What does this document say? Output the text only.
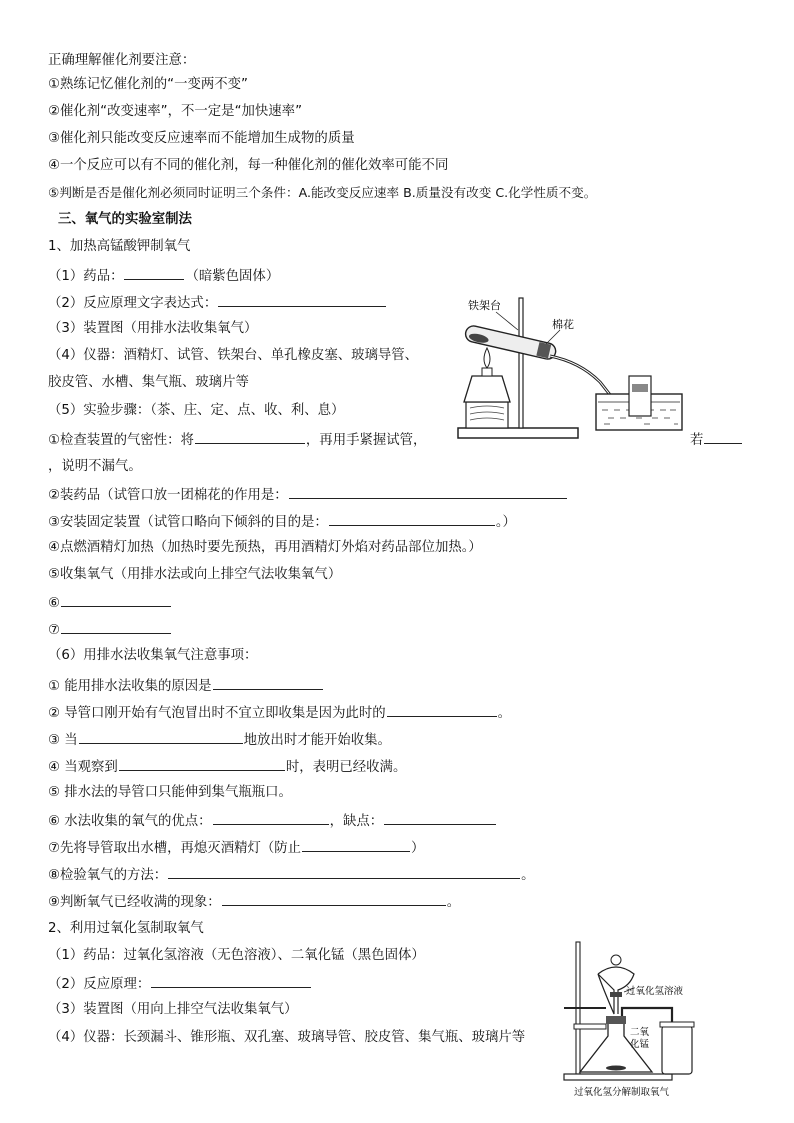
正确理解催化剂要注意：
①熟练记忆催化剂的“一变两不变”
②催化剂“改变速率”，不一定是“加快速率”
③催化剂只能改变反应速率而不能增加生成物的质量
④一个反应可以有不同的催化剂，每一种催化剂的催化效率可能不同
⑤判断是否是催化剂必须同时证明三个条件：A.能改变反应速率 B.质量没有改变 C.化学性质不变。
三、氧气的实验室制法
1、加热高锰酸钾制氧气
（1）药品：	（暗紫色固体）
（2）反应原理文字表达式：
（3）装置图（用排水法收集氧气）
（4）仪器：酒精灯、试管、铁架台、单孔橡皮塞、玻璃导管、
胶皮管、水槽、集气瓶、玻璃片等
（5）实验步骤：（茶、庄、定、点、收、利、息）
①检查装置的气密性：将	，再用手紧握试管，	若
，说明不漏气。
②装药品（试管口放一团棉花的作用是：
③安装固定装置（试管口略向下倾斜的目的是：	。）
④点燃酒精灯加热（加热时要先预热，再用酒精灯外焰对药品部位加热。）
⑤收集氧气（用排水法或向上排空气法收集氧气）
⑥
⑦
（6）用排水法收集氧气注意事项：
① 能用排水法收集的原因是
② 导管口刚开始有气泡冒出时不宜立即收集是因为此时的	。
③ 当	地放出时才能开始收集。
④ 当观察到	时，表明已经收满。
⑤ 排水法的导管口只能伸到集气瓶瓶口。
⑥ 水法收集的氧气的优点：	，缺点：
⑦先将导管取出水槽，再熄灭酒精灯（防止	）
⑧检验氧气的方法：	。
⑨判断氧气已经收满的现象：	。
2、利用过氧化氢制取氧气
（1）药品：过氧化氢溶液（无色溶液）、二氧化锰（黑色固体）
（2）反应原理：
（3）装置图（用向上排空气法收集氧气）
（4）仪器：长颈漏斗、锥形瓶、双孔塞、玻璃导管、胶皮管、集气瓶、玻璃片等
铁架台
棉花
过氧化氢溶液
二氧
化锰
过氧化氢分解制取氧气
